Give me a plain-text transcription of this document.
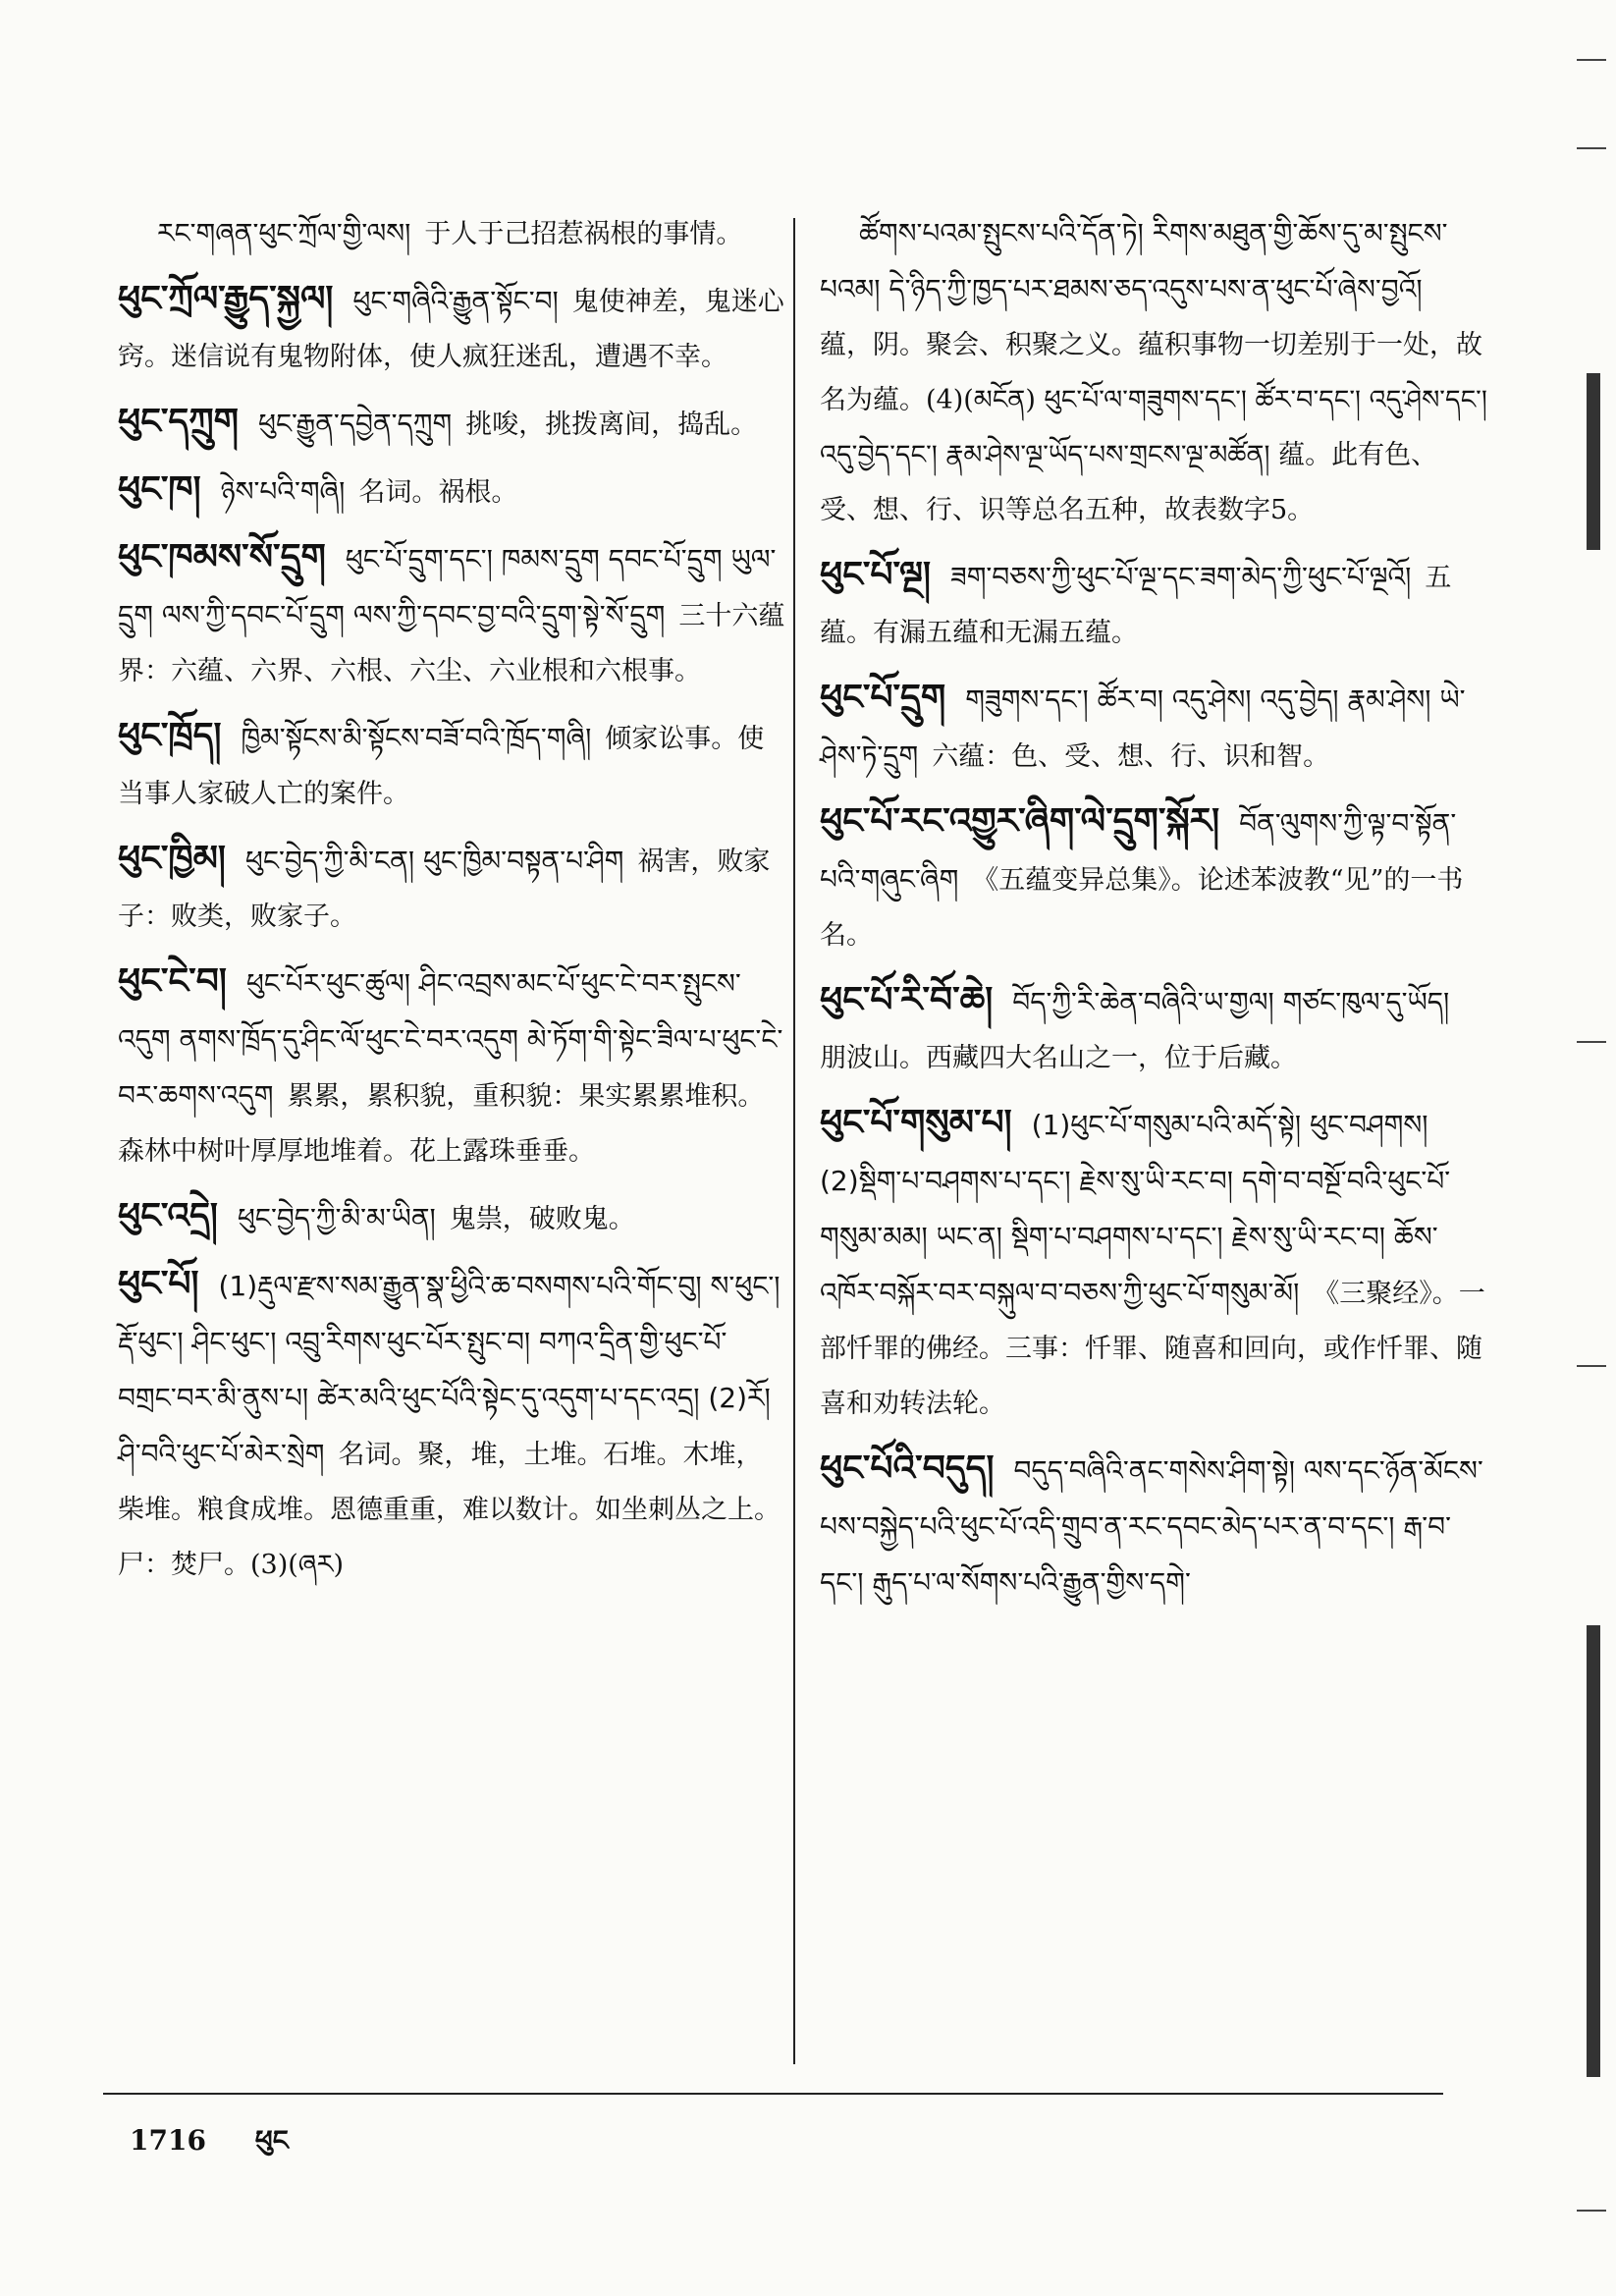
རང་གཞན་ཕུང་ཀྲོལ་གྱི་ལས། 于人于己招惹祸根的事情。
ཕུང་ཀྲོལ་རྒྱུད་སྐྱལ། ཕུང་གཞིའི་རྒྱུན་སྟོང་བ། 鬼使神差，鬼迷心窍。迷信说有鬼物附体，使人疯狂迷乱，遭遇不幸。
ཕུང་དཀྲུག ཕུང་རྒྱུན་དབྱེན་དཀྲུག 挑唆，挑拨离间，捣乱。
ཕུང་ཁ། ཉེས་པའི་གཞི། 名词。祸根。
ཕུང་ཁམས་སོ་དྲུག ཕུང་པོ་དྲུག་དང་། ཁམས་དྲུག དབང་པོ་དྲུག ཡུལ་དྲུག ལས་ཀྱི་དབང་པོ་དྲུག ལས་ཀྱི་དབང་བྱ་བའི་དྲུག་སྟེ་སོ་དྲུག 三十六蕴界：六蕴、六界、六根、六尘、六业根和六根事。
ཕུང་ཁྲོད། ཁྱིམ་སྟོངས་མི་སྟོངས་བཟོ་བའི་ཁྲོད་གཞི། 倾家讼事。使当事人家破人亡的案件。
ཕུང་ཁྱིམ། ཕུང་བྱེད་ཀྱི་མི་ངན། ཕུང་ཁྱིམ་བསྟན་པ་ཤིག 祸害，败家子：败类，败家子。
ཕུང་ངེ་བ། ཕུང་པོར་ཕུང་ཚུལ། ཤིང་འབྲས་མང་པོ་ཕུང་ངེ་བར་སྤུངས་འདུག ནགས་ཁྲོད་དུ་ཤིང་ལོ་ཕུང་ངེ་བར་འདུག མེ་ཏོག་གི་སྟེང་ཟིལ་པ་ཕུང་ངེ་བར་ཆགས་འདུག 累累，累积貌，重积貌：果实累累堆积。森林中树叶厚厚地堆着。花上露珠垂垂。
ཕུང་འདྲེ། ཕུང་བྱེད་ཀྱི་མི་མ་ཡིན། 鬼祟，破败鬼。
ཕུང་པོ། (1)རྡུལ་རྫས་སམ་རྒྱུན་སྣ་ཕྱིའི་ཆ་བསགས་པའི་གོང་བུ། ས་ཕུང་། རྡོ་ཕུང་། ཤིང་ཕུང་། འབྲུ་རིགས་ཕུང་པོར་སྤུང་བ། བཀའ་དྲིན་གྱི་ཕུང་པོ་བགྲང་བར་མི་ནུས་པ། ཚེར་མའི་ཕུང་པོའི་སྟེང་དུ་འདུག་པ་དང་འདྲ། (2)རོ། ཤི་བའི་ཕུང་པོ་མེར་སྲེག 名词。聚，堆，土堆。石堆。木堆，柴堆。粮食成堆。恩德重重，难以数计。如坐刺丛之上。尸：焚尸。(3)(ཞར)
ཚོགས་པའམ་སྤུངས་པའི་དོན་ཏེ། རིགས་མཐུན་གྱི་ཆོས་དུ་མ་སྤུངས་པའམ། དེ་ཉིད་ཀྱི་ཁྱད་པར་ཐམས་ཅད་འདུས་པས་ན་ཕུང་པོ་ཞེས་བྱའོ།蕴，阴。聚会、积聚之义。蕴积事物一切差别于一处，故名为蕴。(4)(མངོན) ཕུང་པོ་ལ་གཟུགས་དང་། ཚོར་བ་དང་། འདུ་ཤེས་དང་། འདུ་བྱེད་དང་། རྣམ་ཤེས་ལྔ་ཡོད་པས་གྲངས་ལྔ་མཚོན། 蕴。此有色、受、想、行、识等总名五种，故表数字5。
ཕུང་པོ་ལྔ། ཟག་བཅས་ཀྱི་ཕུང་པོ་ལྔ་དང་ཟག་མེད་ཀྱི་ཕུང་པོ་ལྔའོ། 五蕴。有漏五蕴和无漏五蕴。
ཕུང་པོ་དྲུག གཟུགས་དང་། ཚོར་བ། འདུ་ཤེས། འདུ་བྱེད། རྣམ་ཤེས། ཡེ་ཤེས་ཏེ་དྲུག 六蕴：色、受、想、行、识和智。
ཕུང་པོ་རང་འགྱུར་ཞིག་ལེ་དྲུག་སྐོར། བོན་ལུགས་ཀྱི་ལྟ་བ་སྟོན་པའི་གཞུང་ཞིག 《五蕴变异总集》。论述苯波教“见”的一书名。
ཕུང་པོ་རི་བོ་ཆེ། བོད་ཀྱི་རི་ཆེན་བཞིའི་ཡ་གྱལ། གཙང་ཁུལ་དུ་ཡོད།朋波山。西藏四大名山之一，位于后藏。
ཕུང་པོ་གསུམ་པ། (1)ཕུང་པོ་གསུམ་པའི་མདོ་སྟེ། ཕུང་བཤགས། (2)སྡིག་པ་བཤགས་པ་དང་། རྗེས་སུ་ཡི་རང་བ། དགེ་བ་བསྔོ་བའི་ཕུང་པོ་གསུམ་མམ། ཡང་ན། སྡིག་པ་བཤགས་པ་དང་། རྗེས་སུ་ཡི་རང་བ། ཆོས་འཁོར་བསྐོར་བར་བསྐུལ་བ་བཅས་ཀྱི་ཕུང་པོ་གསུམ་མོ། 《三聚经》。一部忏罪的佛经。三事：忏罪、随喜和回向，或作忏罪、随喜和劝转法轮。
ཕུང་པོའི་བདུད། བདུད་བཞིའི་ནང་གསེས་ཤིག་སྟེ། ལས་དང་ཉོན་མོངས་པས་བསྐྱེད་པའི་ཕུང་པོ་འདི་གྲུབ་ན་རང་དབང་མེད་པར་ན་བ་དང་། རྒ་བ་དང་། རྒུད་པ་ལ་སོགས་པའི་རྒྱུན་གྱིས་དགེ་
1716 ཕུང
